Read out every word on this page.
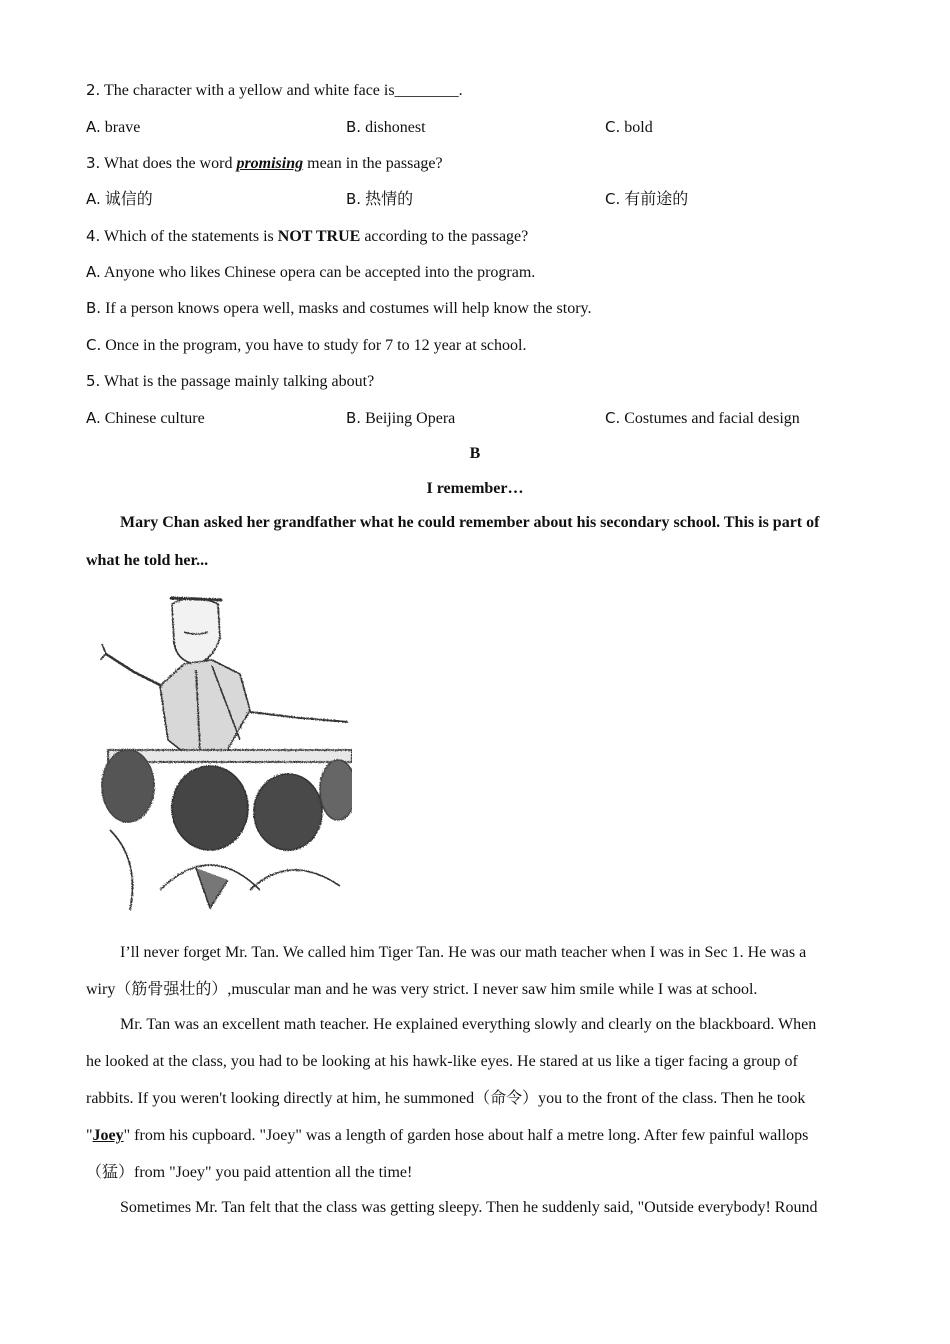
2. The character with a yellow and white face is________.
A. brave	B. dishonest	C. bold
3. What does the word promising mean in the passage?
A. 诚信的	B. 热情的	C. 有前途的
4. Which of the statements is NOT TRUE according to the passage?
A. Anyone who likes Chinese opera can be accepted into the program.
B. If a person knows opera well, masks and costumes will help know the story.
C. Once in the program, you have to study for 7 to 12 year at school.
5. What is the passage mainly talking about?
A. Chinese culture	B. Beijing Opera	C. Costumes and facial design
B
I remember…

Mary Chan asked her grandfather what he could remember about his secondary school. This is part of

what he told her...

I’ll never forget Mr. Tan. We called him Tiger Tan. He was our math teacher when I was in Sec 1. He was a

wiry（筋骨强壮的）,muscular man and he was very strict. I never saw him smile while I was at school.

Mr. Tan was an excellent math teacher. He explained everything slowly and clearly on the blackboard. When

he looked at the class, you had to be looking at his hawk-like eyes. He stared at us like a tiger facing a group of

rabbits. If you weren't looking directly at him, he summoned（命令）you to the front of the class. Then he took

"Joey" from his cupboard. "Joey" was a length of garden hose about half a metre long. After few painful wallops

（猛）from "Joey" you paid attention all the time!

Sometimes Mr. Tan felt that the class was getting sleepy. Then he suddenly said, "Outside everybody! Round
